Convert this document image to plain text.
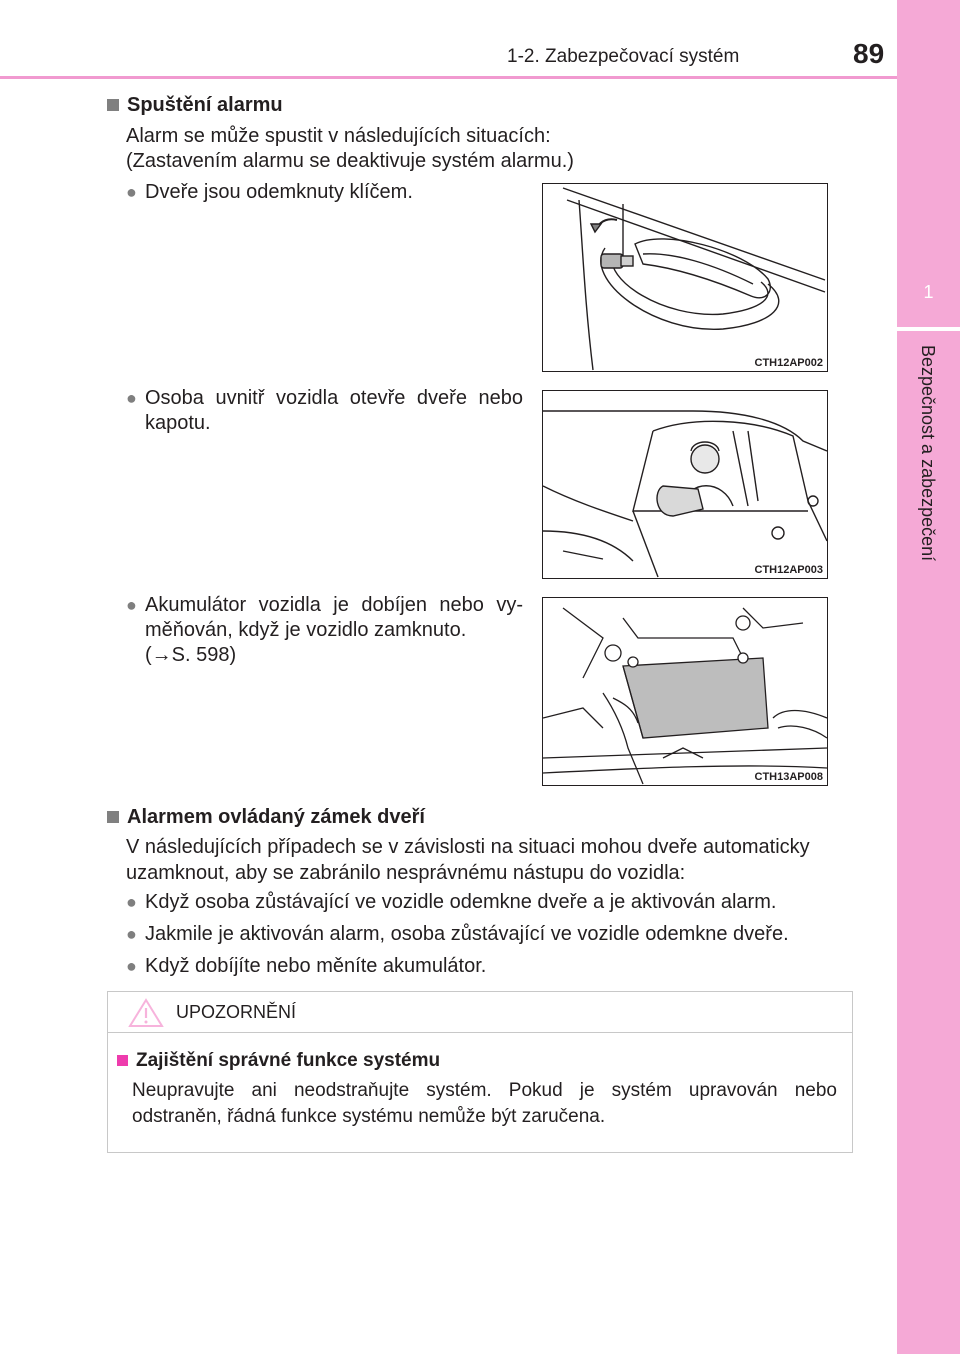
1-2. Zabezpečovací systém	89
1
Bezpečnost a zabezpečení
Spuštění alarmu
Alarm se může spustit v následujících situacích:
(Zastavením alarmu se deaktivuje systém alarmu.)
● Dveře jsou odemknuty klíčem.
CTH12AP002
● Osoba uvnitř vozidla otevře dveře nebo kapotu.
CTH12AP003
● Akumulátor vozidla je dobíjen nebo vy-měňován, když je vozidlo zamknuto.
(→S. 598)
CTH13AP008
Alarmem ovládaný zámek dveří
V následujících případech se v závislosti na situaci mohou dveře automaticky uzamknout, aby se zabránilo nesprávnému nástupu do vozidla:
● Když osoba zůstávající ve vozidle odemkne dveře a je aktivován alarm.
● Jakmile je aktivován alarm, osoba zůstávající ve vozidle odemkne dveře.
● Když dobíjíte nebo měníte akumulátor.
UPOZORNĚNÍ
Zajištění správné funkce systému
Neupravujte ani neodstraňujte systém. Pokud je systém upravován nebo odstraněn, řádná funkce systému nemůže být zaručena.
